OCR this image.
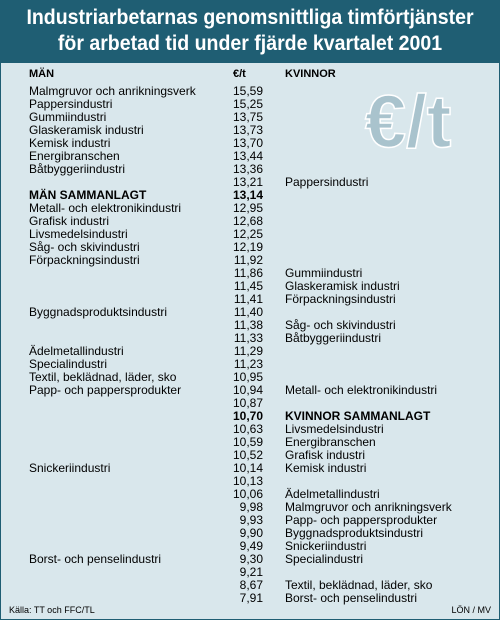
Industriarbetarnas genomsnittliga timförtjänster
för arbetad tid under fjärde kvartalet 2001
€/t
MÄN	€/t	KVINNOR
Malmgruvor och anrikningsverk	15,59
Pappersindustri	15,25
Gummiindustri	13,75
Glaskeramisk industri	13,73
Kemisk industri	13,70
Energibranschen	13,44
Båtbyggeriindustri	13,36
13,21 Pappersindustri
MÄN SAMMANLAGT	13,14
Metall- och elektronikindustri	12,95
Grafisk industri	12,68
Livsmedelsindustri	12,25
Såg- och skivindustri	12,19
Förpackningsindustri	11,92
11,86 Gummiindustri
11,45 Glaskeramisk industri
11,41 Förpackningsindustri
Byggnadsproduktsindustri	11,40
11,38 Såg- och skivindustri
11,33 Båtbyggeriindustri
Ädelmetallindustri	11,29
Specialindustri	11,23
Textil, beklädnad, läder, sko	10,95
Papp- och pappersprodukter	10,94 Metall- och elektronikindustri
10,87
10,70 KVINNOR SAMMANLAGT
10,63 Livsmedelsindustri
10,59 Energibranschen
10,52 Grafisk industri
Snickeriindustri	10,14 Kemisk industri
10,13
10,06 Ädelmetallindustri
9,98 Malmgruvor och anrikningsverk
9,93 Papp- och pappersprodukter
9,90 Byggnadsproduktsindustri
9,49 Snickeriindustri
Borst- och penselindustri	9,30 Specialindustri
9,21
8,67 Textil, beklädnad, läder, sko
7,91 Borst- och penselindustri
Källa: TT och FFC/TL	LÖN / MV
